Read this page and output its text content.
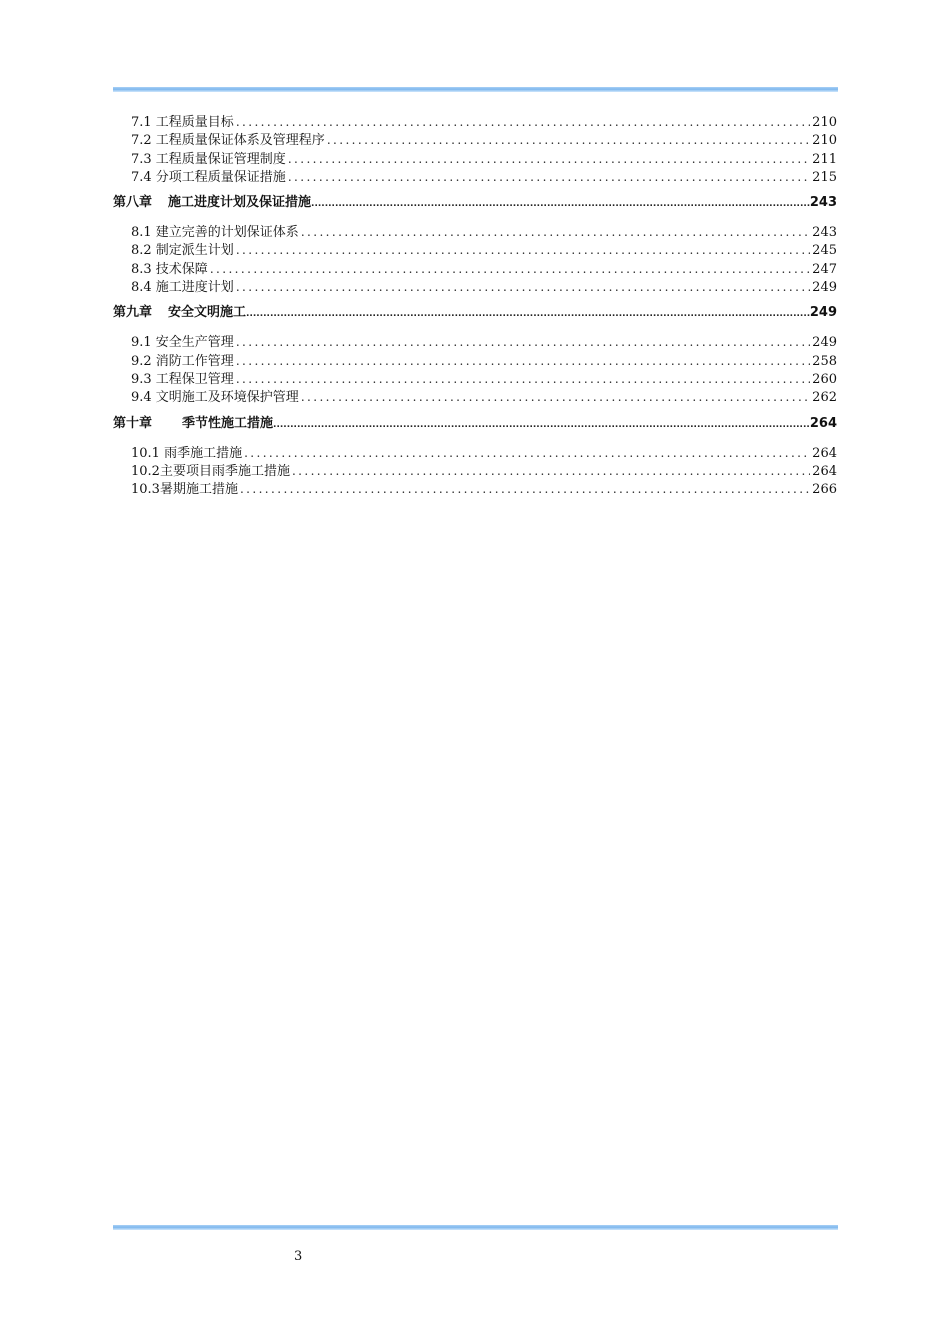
7.1 工程质量目标 .....	210
7.2 工程质量保证体系及管理程序 .....	210
7.3 工程质量保证管理制度 .....	211
7.4 分项工程质量保证措施 .....	215
第八章 施工进度计划及保证措施 .....	243
8.1 建立完善的计划保证体系 .....	243
8.2 制定派生计划 .....	245
8.3 技术保障 .....	247
8.4 施工进度计划 .....	249
第九章 安全文明施工 .....	249
9.1 安全生产管理 .....	249
9.2 消防工作管理 .....	258
9.3 工程保卫管理 .....	260
9.4 文明施工及环境保护管理 .....	262
第十章 季节性施工措施 .....	264
10.1 雨季施工措施 .....	264
10.2主要项目雨季施工措施 .....	264
10.3暑期施工措施 .....	266
3
